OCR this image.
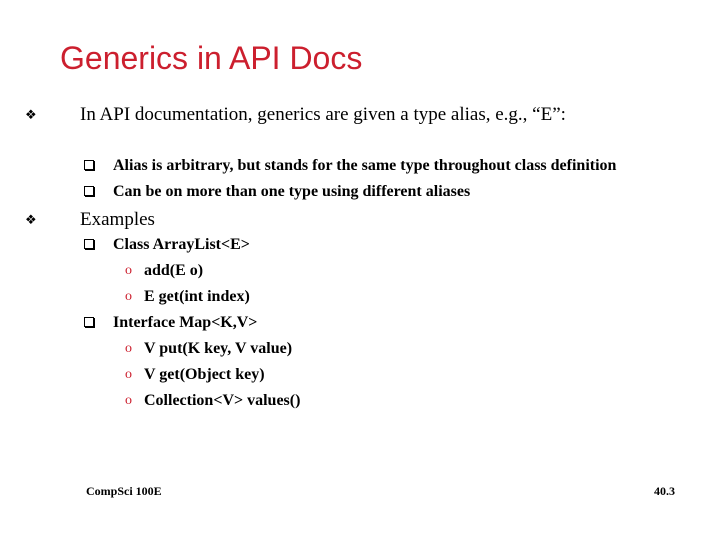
Generics in API Docs
❖ In API documentation, generics are given a type alias, e.g., “E”:
Alias is arbitrary, but stands for the same type throughout class definition
Can be on more than one type using different aliases
❖ Examples
Class ArrayList<E>
o add(E o)
o E get(int index)
Interface Map<K,V>
o V put(K key, V value)
o V get(Object key)
o Collection<V> values()
CompSci 100E	40.3
